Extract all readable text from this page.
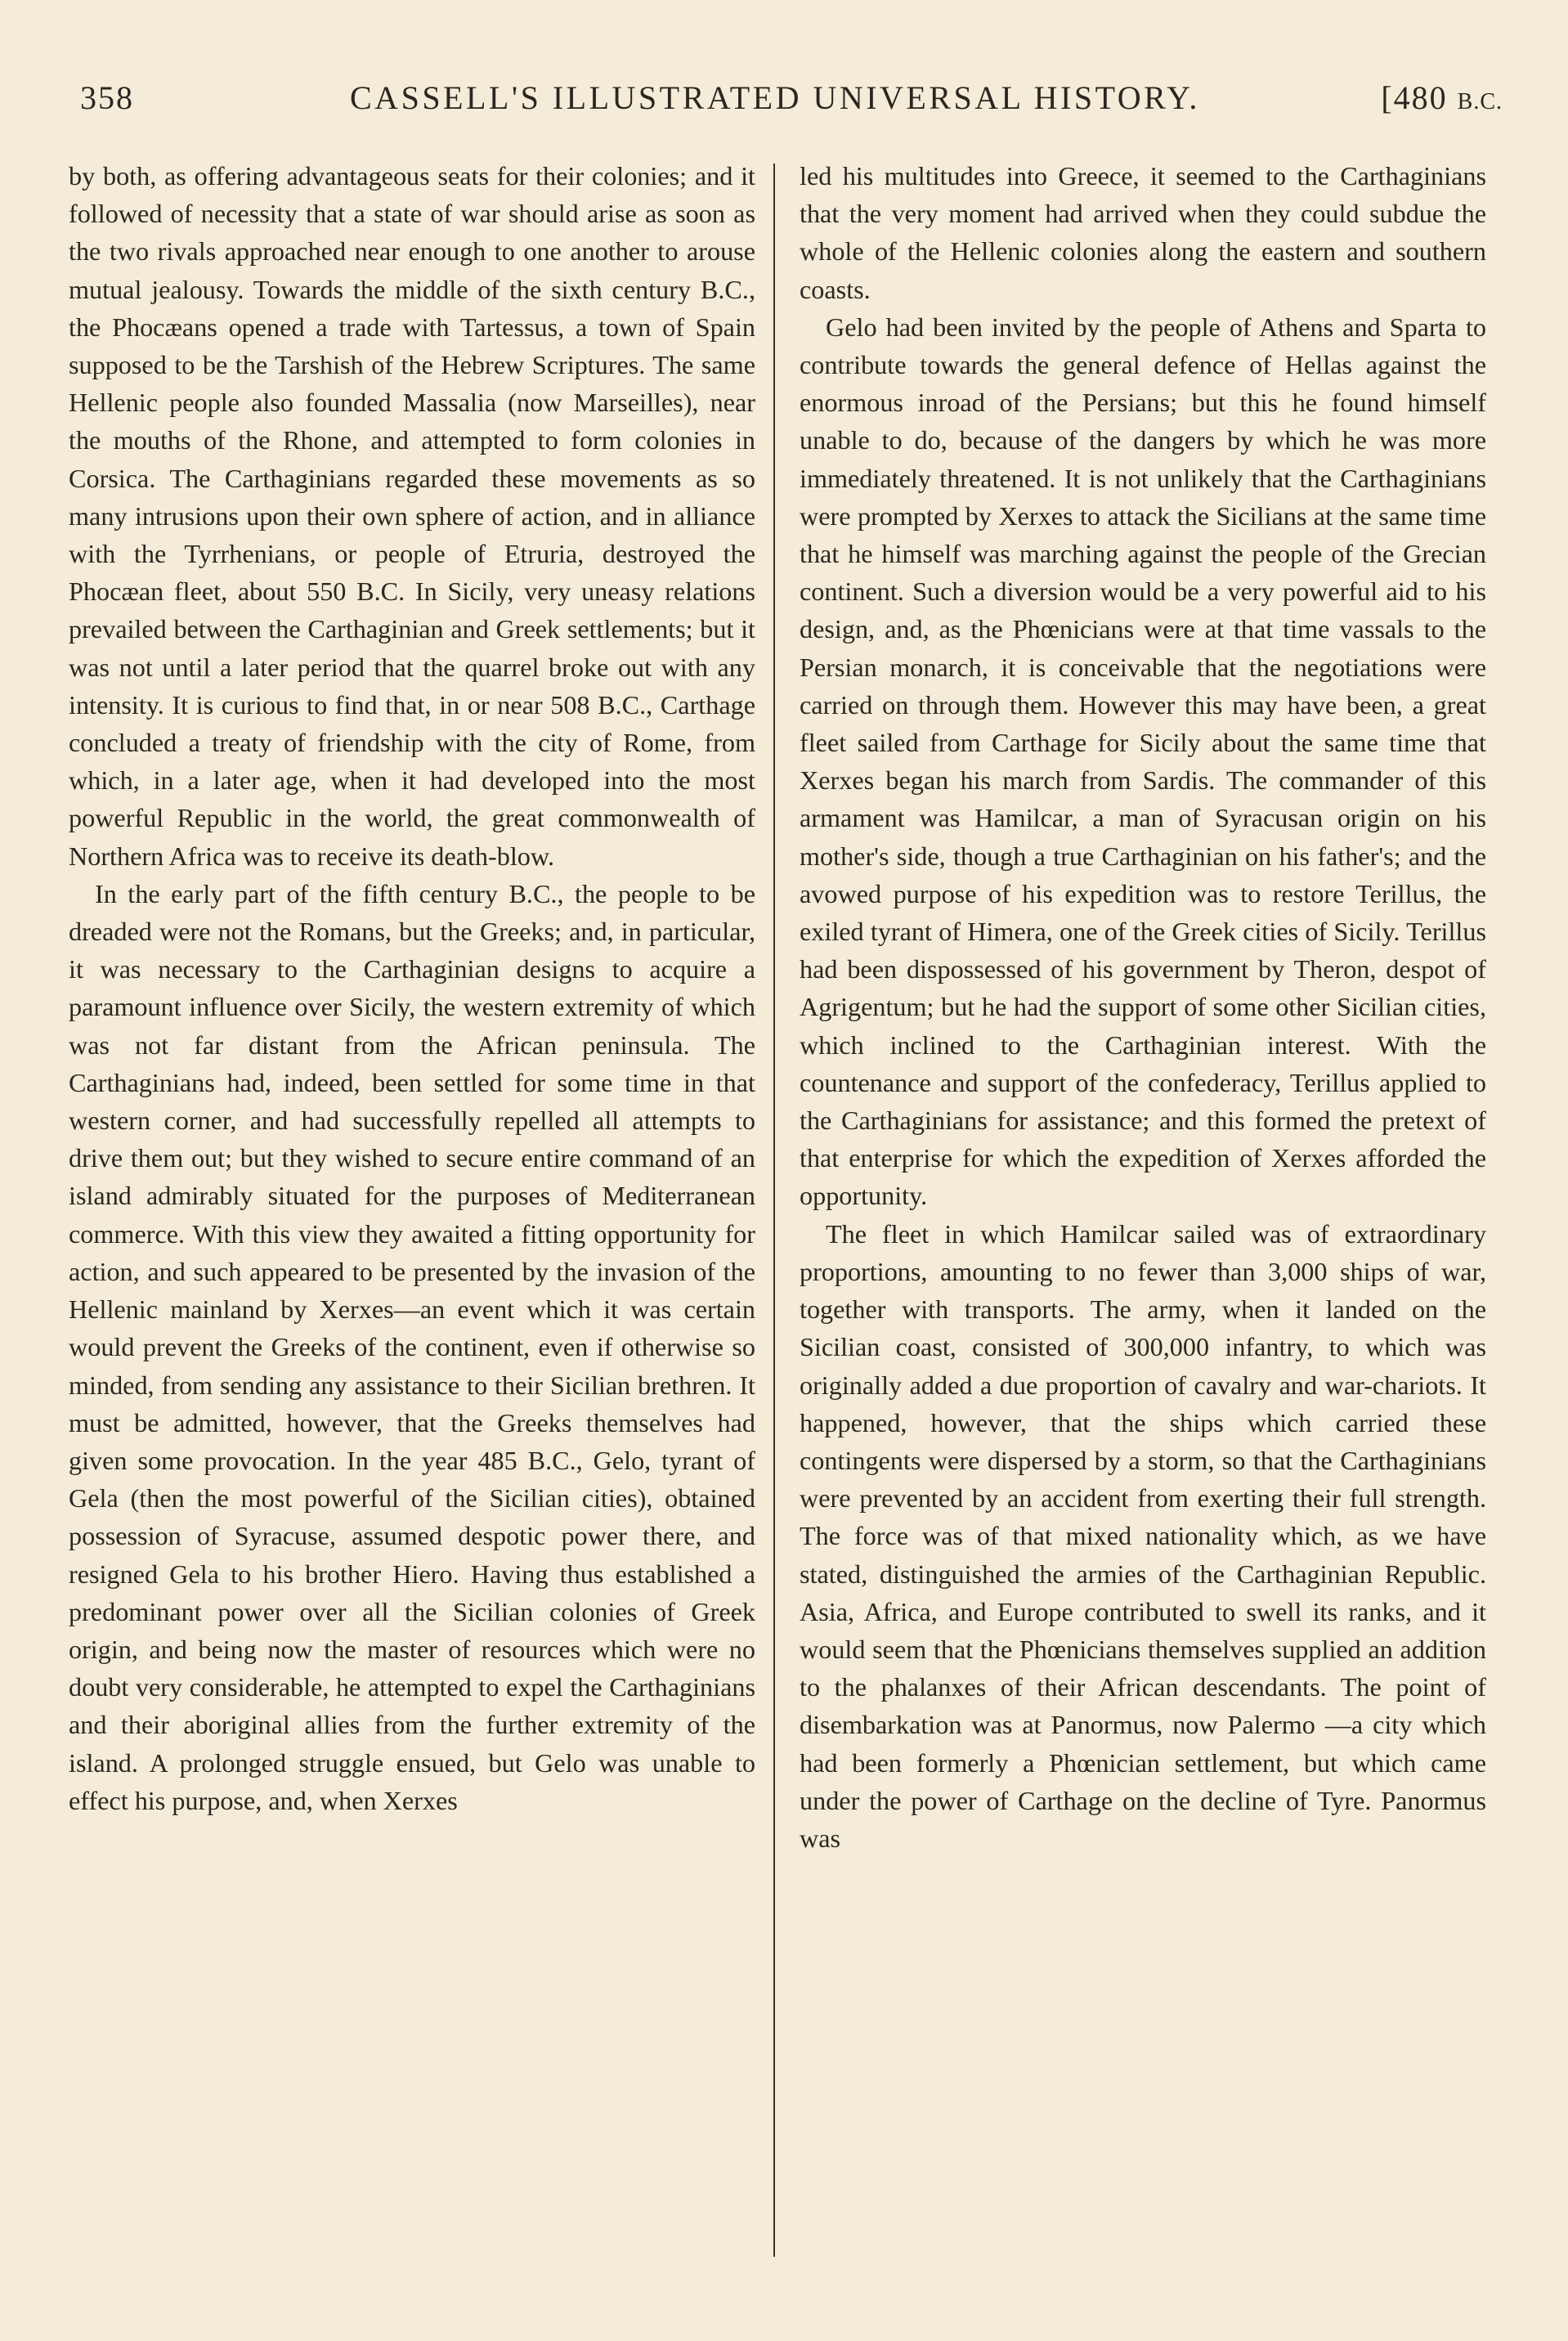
358	CASSELL'S ILLUSTRATED UNIVERSAL HISTORY.	[480 B.C.

by both, as offering advantageous seats for their colonies; and it followed of necessity that a state of war should arise as soon as the two rivals approached near enough to one another to arouse mutual jealousy. Towards the middle of the sixth century B.C., the Phocæans opened a trade with Tartessus, a town of Spain supposed to be the Tarshish of the Hebrew Scriptures. The same Hellenic people also founded Massalia (now Marseilles), near the mouths of the Rhone, and attempted to form colonies in Corsica. The Carthaginians regarded these movements as so many intrusions upon their own sphere of action, and in alliance with the Tyrrhenians, or people of Etruria, destroyed the Phocæan fleet, about 550 B.C. In Sicily, very uneasy relations prevailed between the Carthaginian and Greek settlements; but it was not until a later period that the quarrel broke out with any intensity. It is curious to find that, in or near 508 B.C., Carthage concluded a treaty of friendship with the city of Rome, from which, in a later age, when it had developed into the most powerful Republic in the world, the great commonwealth of Northern Africa was to receive its death-blow.

In the early part of the fifth century B.C., the people to be dreaded were not the Romans, but the Greeks; and, in particular, it was necessary to the Carthaginian designs to acquire a paramount influence over Sicily, the western extremity of which was not far distant from the African peninsula. The Carthaginians had, indeed, been settled for some time in that western corner, and had successfully repelled all attempts to drive them out; but they wished to secure entire command of an island admirably situated for the purposes of Mediterranean commerce. With this view they awaited a fitting opportunity for action, and such appeared to be presented by the invasion of the Hellenic mainland by Xerxes—an event which it was certain would prevent the Greeks of the continent, even if otherwise so minded, from sending any assistance to their Sicilian brethren. It must be admitted, however, that the Greeks themselves had given some provocation. In the year 485 B.C., Gelo, tyrant of Gela (then the most powerful of the Sicilian cities), obtained possession of Syracuse, assumed despotic power there, and resigned Gela to his brother Hiero. Having thus established a predominant power over all the Sicilian colonies of Greek origin, and being now the master of resources which were no doubt very considerable, he attempted to expel the Carthaginians and their aboriginal allies from the further extremity of the island. A prolonged struggle ensued, but Gelo was unable to effect his purpose, and, when Xerxes

led his multitudes into Greece, it seemed to the Carthaginians that the very moment had arrived when they could subdue the whole of the Hellenic colonies along the eastern and southern coasts.

Gelo had been invited by the people of Athens and Sparta to contribute towards the general defence of Hellas against the enormous inroad of the Persians; but this he found himself unable to do, because of the dangers by which he was more immediately threatened. It is not unlikely that the Carthaginians were prompted by Xerxes to attack the Sicilians at the same time that he himself was marching against the people of the Grecian continent. Such a diversion would be a very powerful aid to his design, and, as the Phœnicians were at that time vassals to the Persian monarch, it is conceivable that the negotiations were carried on through them. However this may have been, a great fleet sailed from Carthage for Sicily about the same time that Xerxes began his march from Sardis. The commander of this armament was Hamilcar, a man of Syracusan origin on his mother's side, though a true Carthaginian on his father's; and the avowed purpose of his expedition was to restore Terillus, the exiled tyrant of Himera, one of the Greek cities of Sicily. Terillus had been dispossessed of his government by Theron, despot of Agrigentum; but he had the support of some other Sicilian cities, which inclined to the Carthaginian interest. With the countenance and support of the confederacy, Terillus applied to the Carthaginians for assistance; and this formed the pretext of that enterprise for which the expedition of Xerxes afforded the opportunity.

The fleet in which Hamilcar sailed was of extraordinary proportions, amounting to no fewer than 3,000 ships of war, together with transports. The army, when it landed on the Sicilian coast, consisted of 300,000 infantry, to which was originally added a due proportion of cavalry and war-chariots. It happened, however, that the ships which carried these contingents were dispersed by a storm, so that the Carthaginians were prevented by an accident from exerting their full strength. The force was of that mixed nationality which, as we have stated, distinguished the armies of the Carthaginian Republic. Asia, Africa, and Europe contributed to swell its ranks, and it would seem that the Phœnicians themselves supplied an addition to the phalanxes of their African descendants. The point of disembarkation was at Panormus, now Palermo —a city which had been formerly a Phœnician settlement, but which came under the power of Carthage on the decline of Tyre. Panormus was
